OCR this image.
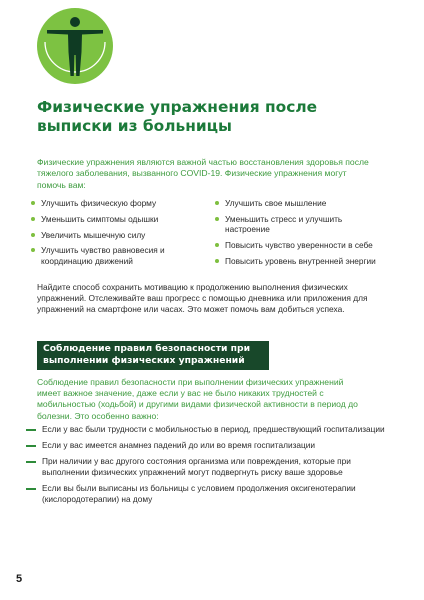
Физические упражнения после выписки из больницы

Физические упражнения являются важной частью восстановления здоровья после тяжелого заболевания, вызванного COVID-19. Физические упражнения могут помочь вам:

Улучшить физическую форму
Уменьшить симптомы одышки
Увеличить мышечную силу
Улучшить чувство равновесия и координацию движений
Улучшить свое мышление
Уменьшить стресс и улучшить настроение
Повысить чувство уверенности в себе
Повысить уровень внутренней энергии

Найдите способ сохранить мотивацию к продолжению выполнения физических упражнений. Отслеживайте ваш прогресс с помощью дневника или приложения для упражнений на смартфоне или часах. Это может помочь вам добиться успеха.

Соблюдение правил безопасности при выполнении физических упражнений

Соблюдение правил безопасности при выполнении физических упражнений имеет важное значение, даже если у вас не было никаких трудностей с мобильностью (ходьбой) и другими видами физической активности в период до болезни. Это особенно важно:

Если у вас были трудности с мобильностью в период, предшествующий госпитализации
Если у вас имеется анамнез падений до или во время госпитализации
При наличии у вас другого состояния организма или повреждения, которые при выполнении физических упражнений могут подвергнуть риску ваше здоровье
Если вы были выписаны из больницы с условием продолжения оксигенотерапии (кислородотерапии) на дому
5
